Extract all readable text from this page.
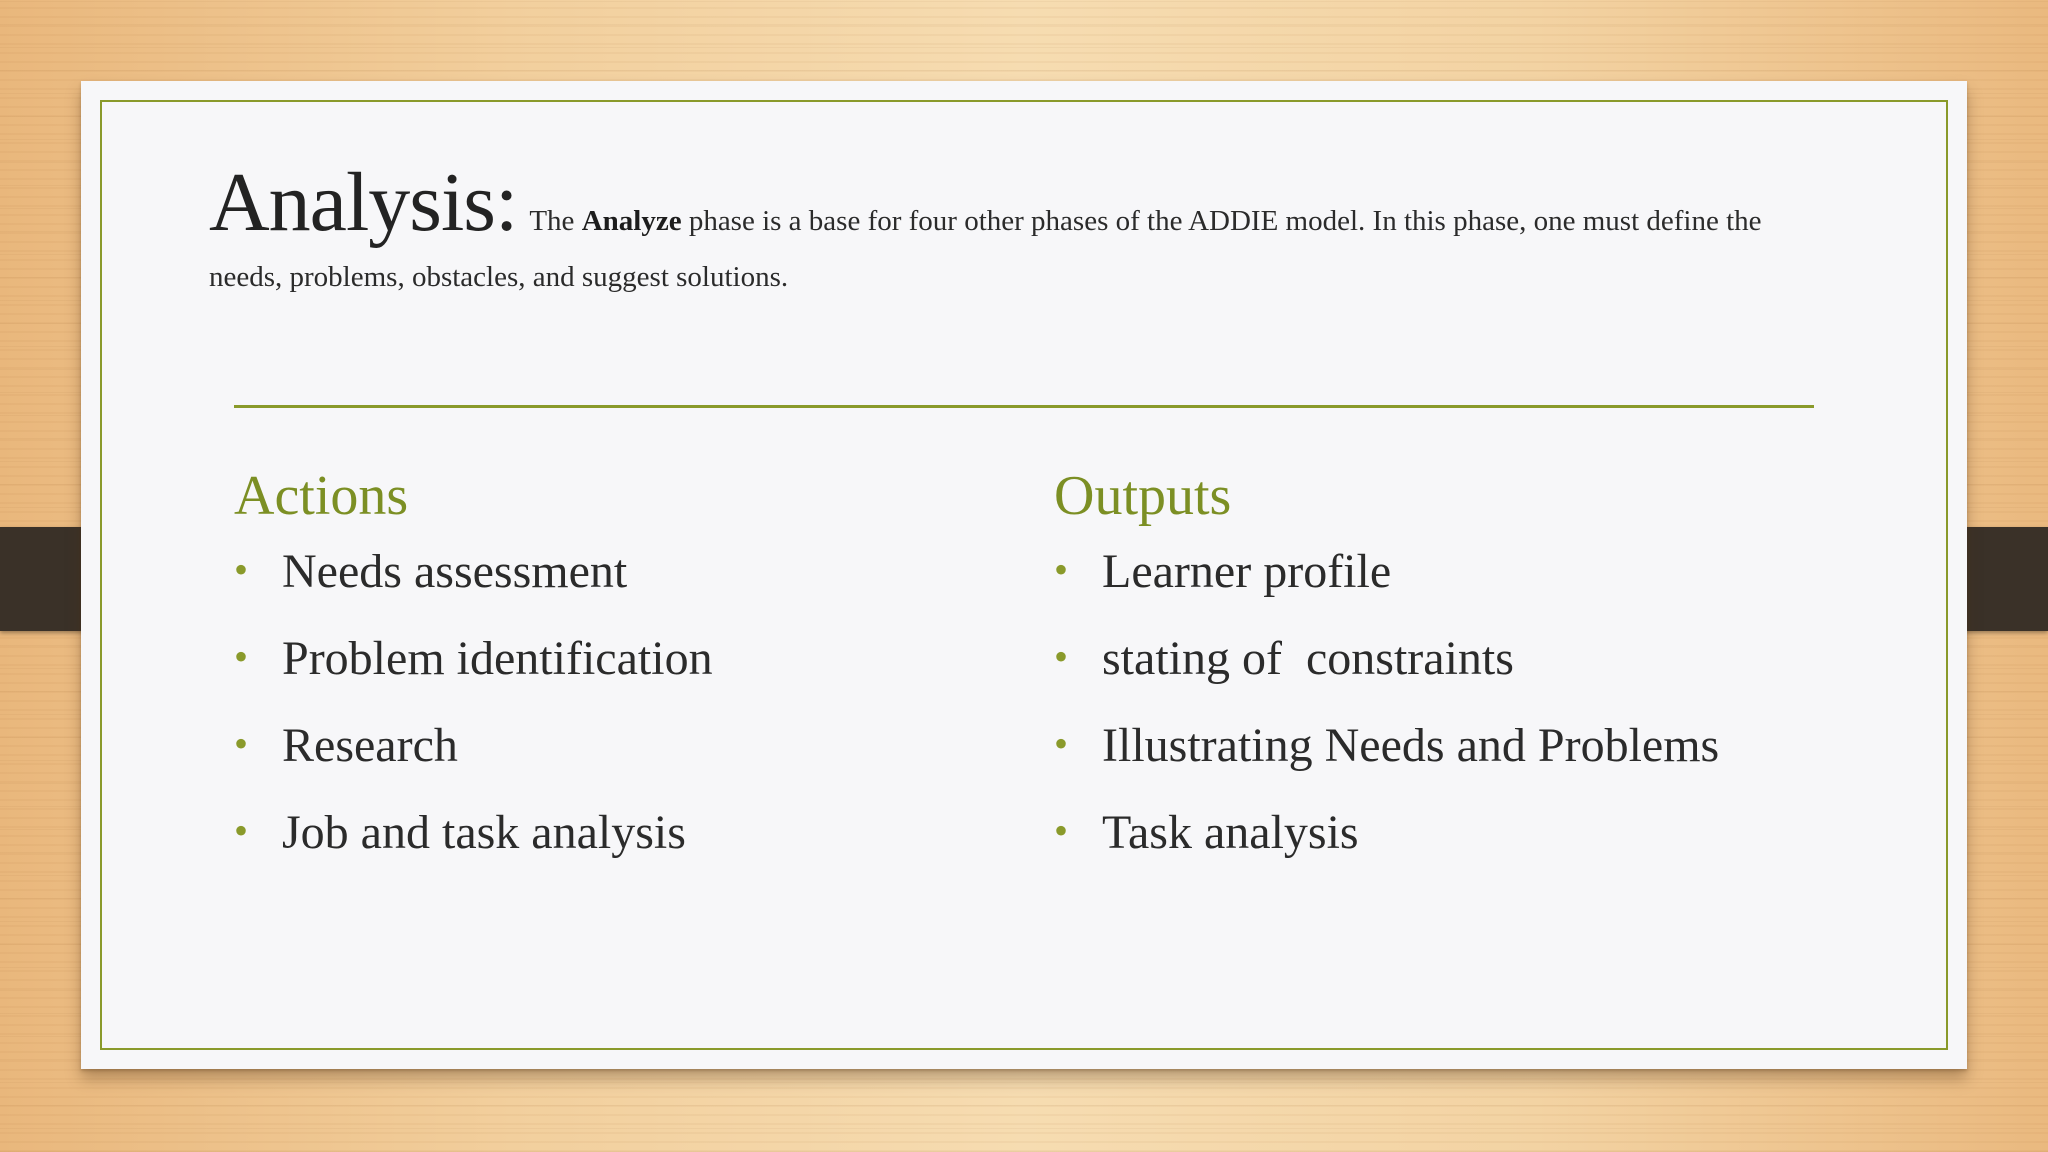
Analysis: The Analyze phase is a base for four other phases of the ADDIE model. In this phase, one must define the needs, problems, obstacles, and suggest solutions.
Actions
• Needs assessment
• Problem identification
• Research
• Job and task analysis
Outputs
• Learner profile
• stating of  constraints
• Illustrating Needs and Problems
• Task analysis
